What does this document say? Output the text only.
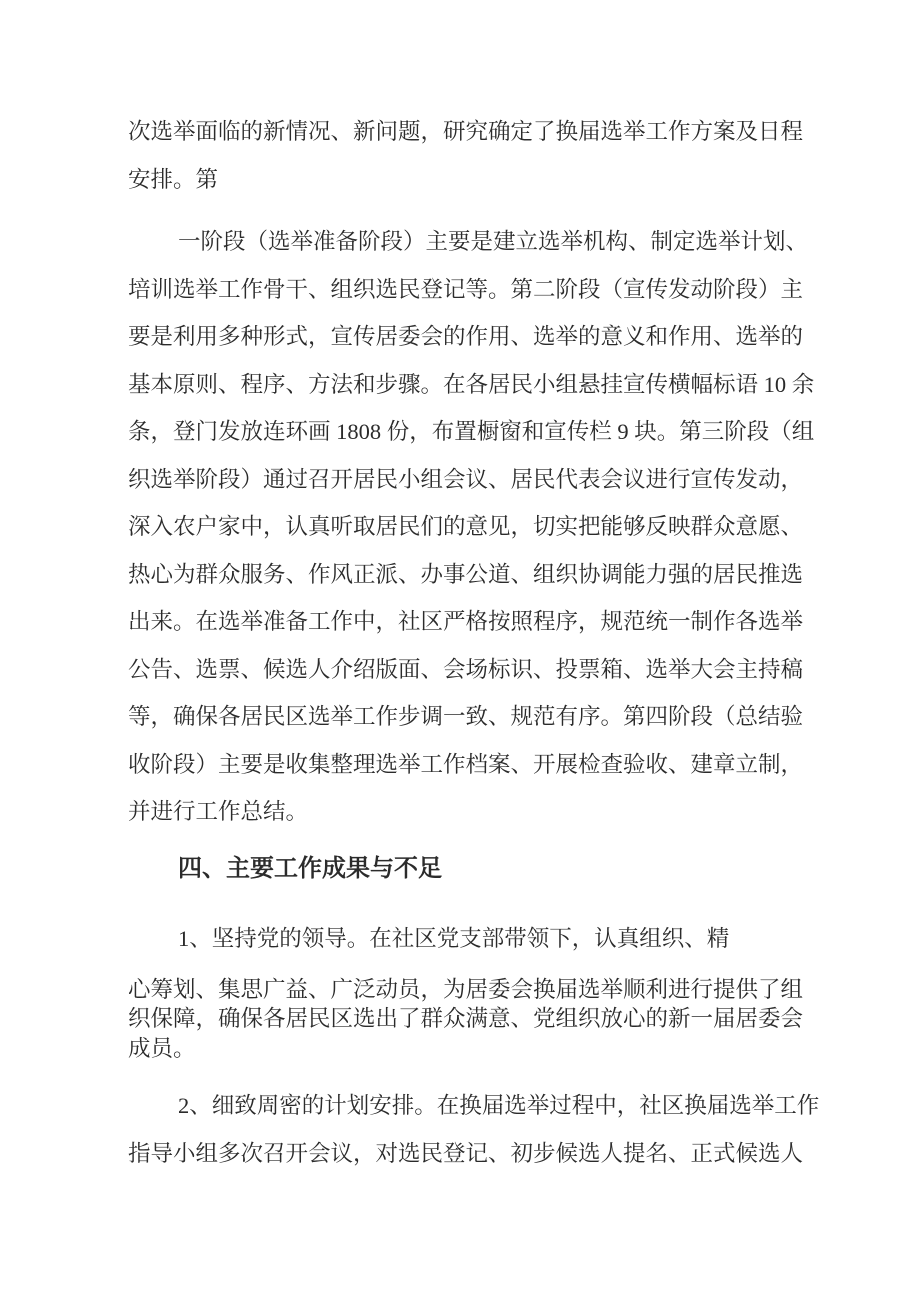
次选举面临的新情况、新问题，研究确定了换届选举工作方案及日程
安排。第
一阶段（选举准备阶段）主要是建立选举机构、制定选举计划、
培训选举工作骨干、组织选民登记等。第二阶段（宣传发动阶段）主
要是利用多种形式，宣传居委会的作用、选举的意义和作用、选举的
基本原则、程序、方法和步骤。在各居民小组悬挂宣传横幅标语 10 余
条，登门发放连环画 1808 份，布置橱窗和宣传栏 9 块。第三阶段（组
织选举阶段）通过召开居民小组会议、居民代表会议进行宣传发动，
深入农户家中，认真听取居民们的意见，切实把能够反映群众意愿、
热心为群众服务、作风正派、办事公道、组织协调能力强的居民推选
出来。在选举准备工作中，社区严格按照程序，规范统一制作各选举
公告、选票、候选人介绍版面、会场标识、投票箱、选举大会主持稿
等，确保各居民区选举工作步调一致、规范有序。第四阶段（总结验
收阶段）主要是收集整理选举工作档案、开展检查验收、建章立制，
并进行工作总结。
四、主要工作成果与不足
1、坚持党的领导。在社区党支部带领下，认真组织、精
心筹划、集思广益、广泛动员，为居委会换届选举顺利进行提供了组
织保障，确保各居民区选出了群众满意、党组织放心的新一届居委会
成员。
2、细致周密的计划安排。在换届选举过程中，社区换届选举工作
指导小组多次召开会议，对选民登记、初步候选人提名、正式候选人
